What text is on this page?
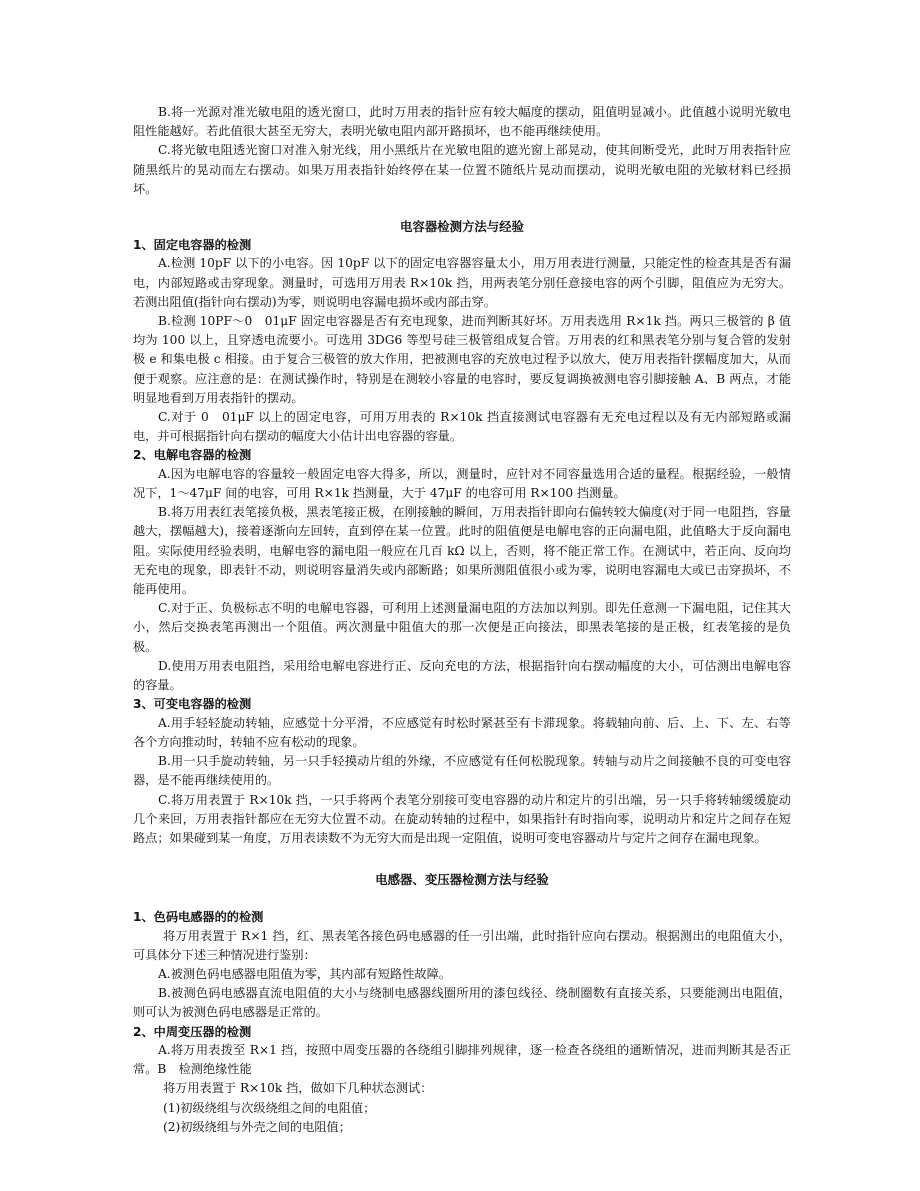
B.将一光源对准光敏电阻的透光窗口，此时万用表的指针应有较大幅度的摆动，阻值明显减小。此值越小说明光敏电阻性能越好。若此值很大甚至无穷大，表明光敏电阻内部开路损坏，也不能再继续使用。

C.将光敏电阻透光窗口对准入射光线，用小黑纸片在光敏电阻的遮光窗上部晃动，使其间断受光，此时万用表指针应随黑纸片的晃动而左右摆动。如果万用表指针始终停在某一位置不随纸片晃动而摆动，说明光敏电阻的光敏材料已经损坏。

电容器检测方法与经验
1、固定电容器的检测

A.检测 10pF 以下的小电容。因 10pF 以下的固定电容器容量太小，用万用表进行测量，只能定性的检查其是否有漏电，内部短路或击穿现象。测量时，可选用万用表 R×10k 挡，用两表笔分别任意接电容的两个引脚，阻值应为无穷大。若测出阻值(指针向右摆动)为零，则说明电容漏电损坏或内部击穿。

B.检测 10PF～0　01μF 固定电容器是否有充电现象，进而判断其好坏。万用表选用 R×1k 挡。两只三极管的 β 值均为 100 以上，且穿透电流要小。可选用 3DG6 等型号硅三极管组成复合管。万用表的红和黑表笔分别与复合管的发射极 e 和集电极 c 相接。由于复合三极管的放大作用，把被测电容的充放电过程予以放大，使万用表指针摆幅度加大，从而便于观察。应注意的是：在测试操作时，特别是在测较小容量的电容时，要反复调换被测电容引脚接触 A、B 两点，才能明显地看到万用表指针的摆动。

C.对于 0　01μF 以上的固定电容，可用万用表的 R×10k 挡直接测试电容器有无充电过程以及有无内部短路或漏电，并可根据指针向右摆动的幅度大小估计出电容器的容量。

2、电解电容器的检测

A.因为电解电容的容量较一般固定电容大得多，所以，测量时，应针对不同容量选用合适的量程。根据经验，一般情况下，1～47μF 间的电容，可用 R×1k 挡测量，大于 47μF 的电容可用 R×100 挡测量。

B.将万用表红表笔接负极，黑表笔接正极，在刚接触的瞬间，万用表指针即向右偏转较大偏度(对于同一电阻挡，容量越大，摆幅越大)，接着逐渐向左回转，直到停在某一位置。此时的阻值便是电解电容的正向漏电阻，此值略大于反向漏电阻。实际使用经验表明，电解电容的漏电阻一般应在几百 kΩ 以上，否则，将不能正常工作。在测试中，若正向、反向均无充电的现象，即表针不动，则说明容量消失或内部断路；如果所测阻值很小或为零，说明电容漏电大或已击穿损坏，不能再使用。

C.对于正、负极标志不明的电解电容器，可利用上述测量漏电阻的方法加以判别。即先任意测一下漏电阻，记住其大小，然后交换表笔再测出一个阻值。两次测量中阻值大的那一次便是正向接法，即黑表笔接的是正极，红表笔接的是负极。

D.使用万用表电阻挡，采用给电解电容进行正、反向充电的方法，根据指针向右摆动幅度的大小，可估测出电解电容的容量。

3、可变电容器的检测

A.用手轻轻旋动转轴，应感觉十分平滑，不应感觉有时松时紧甚至有卡滞现象。将载轴向前、后、上、下、左、右等各个方向推动时，转轴不应有松动的现象。

B.用一只手旋动转轴，另一只手轻摸动片组的外缘，不应感觉有任何松脱现象。转轴与动片之间接触不良的可变电容器，是不能再继续使用的。

C.将万用表置于 R×10k 挡，一只手将两个表笔分别接可变电容器的动片和定片的引出端，另一只手将转轴缓缓旋动几个来回，万用表指针都应在无穷大位置不动。在旋动转轴的过程中，如果指针有时指向零，说明动片和定片之间存在短路点；如果碰到某一角度，万用表读数不为无穷大而是出现一定阻值，说明可变电容器动片与定片之间存在漏电现象。

电感器、变压器检测方法与经验
1、色码电感器的的检测

将万用表置于 R×1 挡，红、黑表笔各接色码电感器的任一引出端，此时指针应向右摆动。根据测出的电阻值大小，可具体分下述三种情况进行鉴别：

A.被测色码电感器电阻值为零，其内部有短路性故障。

B.被测色码电感器直流电阻值的大小与绕制电感器线圈所用的漆包线径、绕制圈数有直接关系，只要能测出电阻值，则可认为被测色码电感器是正常的。

2、中周变压器的检测

A.将万用表拨至 R×1 挡，按照中周变压器的各绕组引脚排列规律，逐一检查各绕组的通断情况，进而判断其是否正常。B　检测绝缘性能

将万用表置于 R×10k 挡，做如下几种状态测试：

(1)初级绕组与次级绕组之间的电阻值；

(2)初级绕组与外壳之间的电阻值；
